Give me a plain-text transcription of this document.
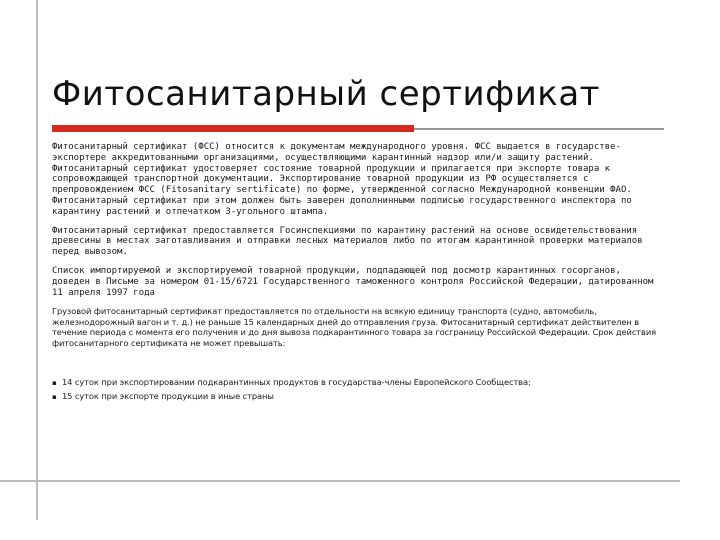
Фитосанитарный сертификат

Фитосанитарный сертификат (ФСС) относится к документам международного уровня. ФСС выдается в государстве-экспортере аккредитованными организациями, осуществляющими карантинный надзор или/и защиту растений. Фитосанитарный сертификат удостоверяет состояние товарной продукции и прилагается при экспорте товара к сопровождающей транспортной документации. Экспортирование товарной продукции из РФ осуществляется с препровождением ФСС (Fitosanitary sertificate) по форме, утвержденной согласно Международной конвенции ФАО. Фитосанитарный сертификат при этом должен быть заверен дополнинными подписью государственного инспектора по карантину растений и отпечатком 3-угольного штампа.

Фитосанитарный сертификат предоставляется Госинспекциями по карантину растений на основе освидетельствования древесины в местах заготавливания и отправки лесных материалов либо по итогам карантинной проверки материалов перед вывозом.

Список импортируемой и экспортируемой товарной продукции, подпадающей под досмотр карантинных госорганов, доведен в Письме за номером 01-15/6721 Государственного таможенного контроля Российской Федерации, датированном 11 апреля 1997 года

Грузовой фитосанитарный сертификат предоставляется по отдельности на всякую единицу транспорта (судно, автомобиль, железнодорожный вагон и т. д.) не раньше 15 календарных дней до отправления груза. Фитосанитарный сертификат действителен в течение периода с момента его получения и до дня вывоза подкарантинного товара за госграницу Российской Федерации. Срок действия фитосанитарного сертификата не может превышать:

▪ 14 суток при экспортировании подкарантинных продуктов в государства-члены Европейского Сообщества;
▪ 15 суток при экспорте продукции в иные страны
